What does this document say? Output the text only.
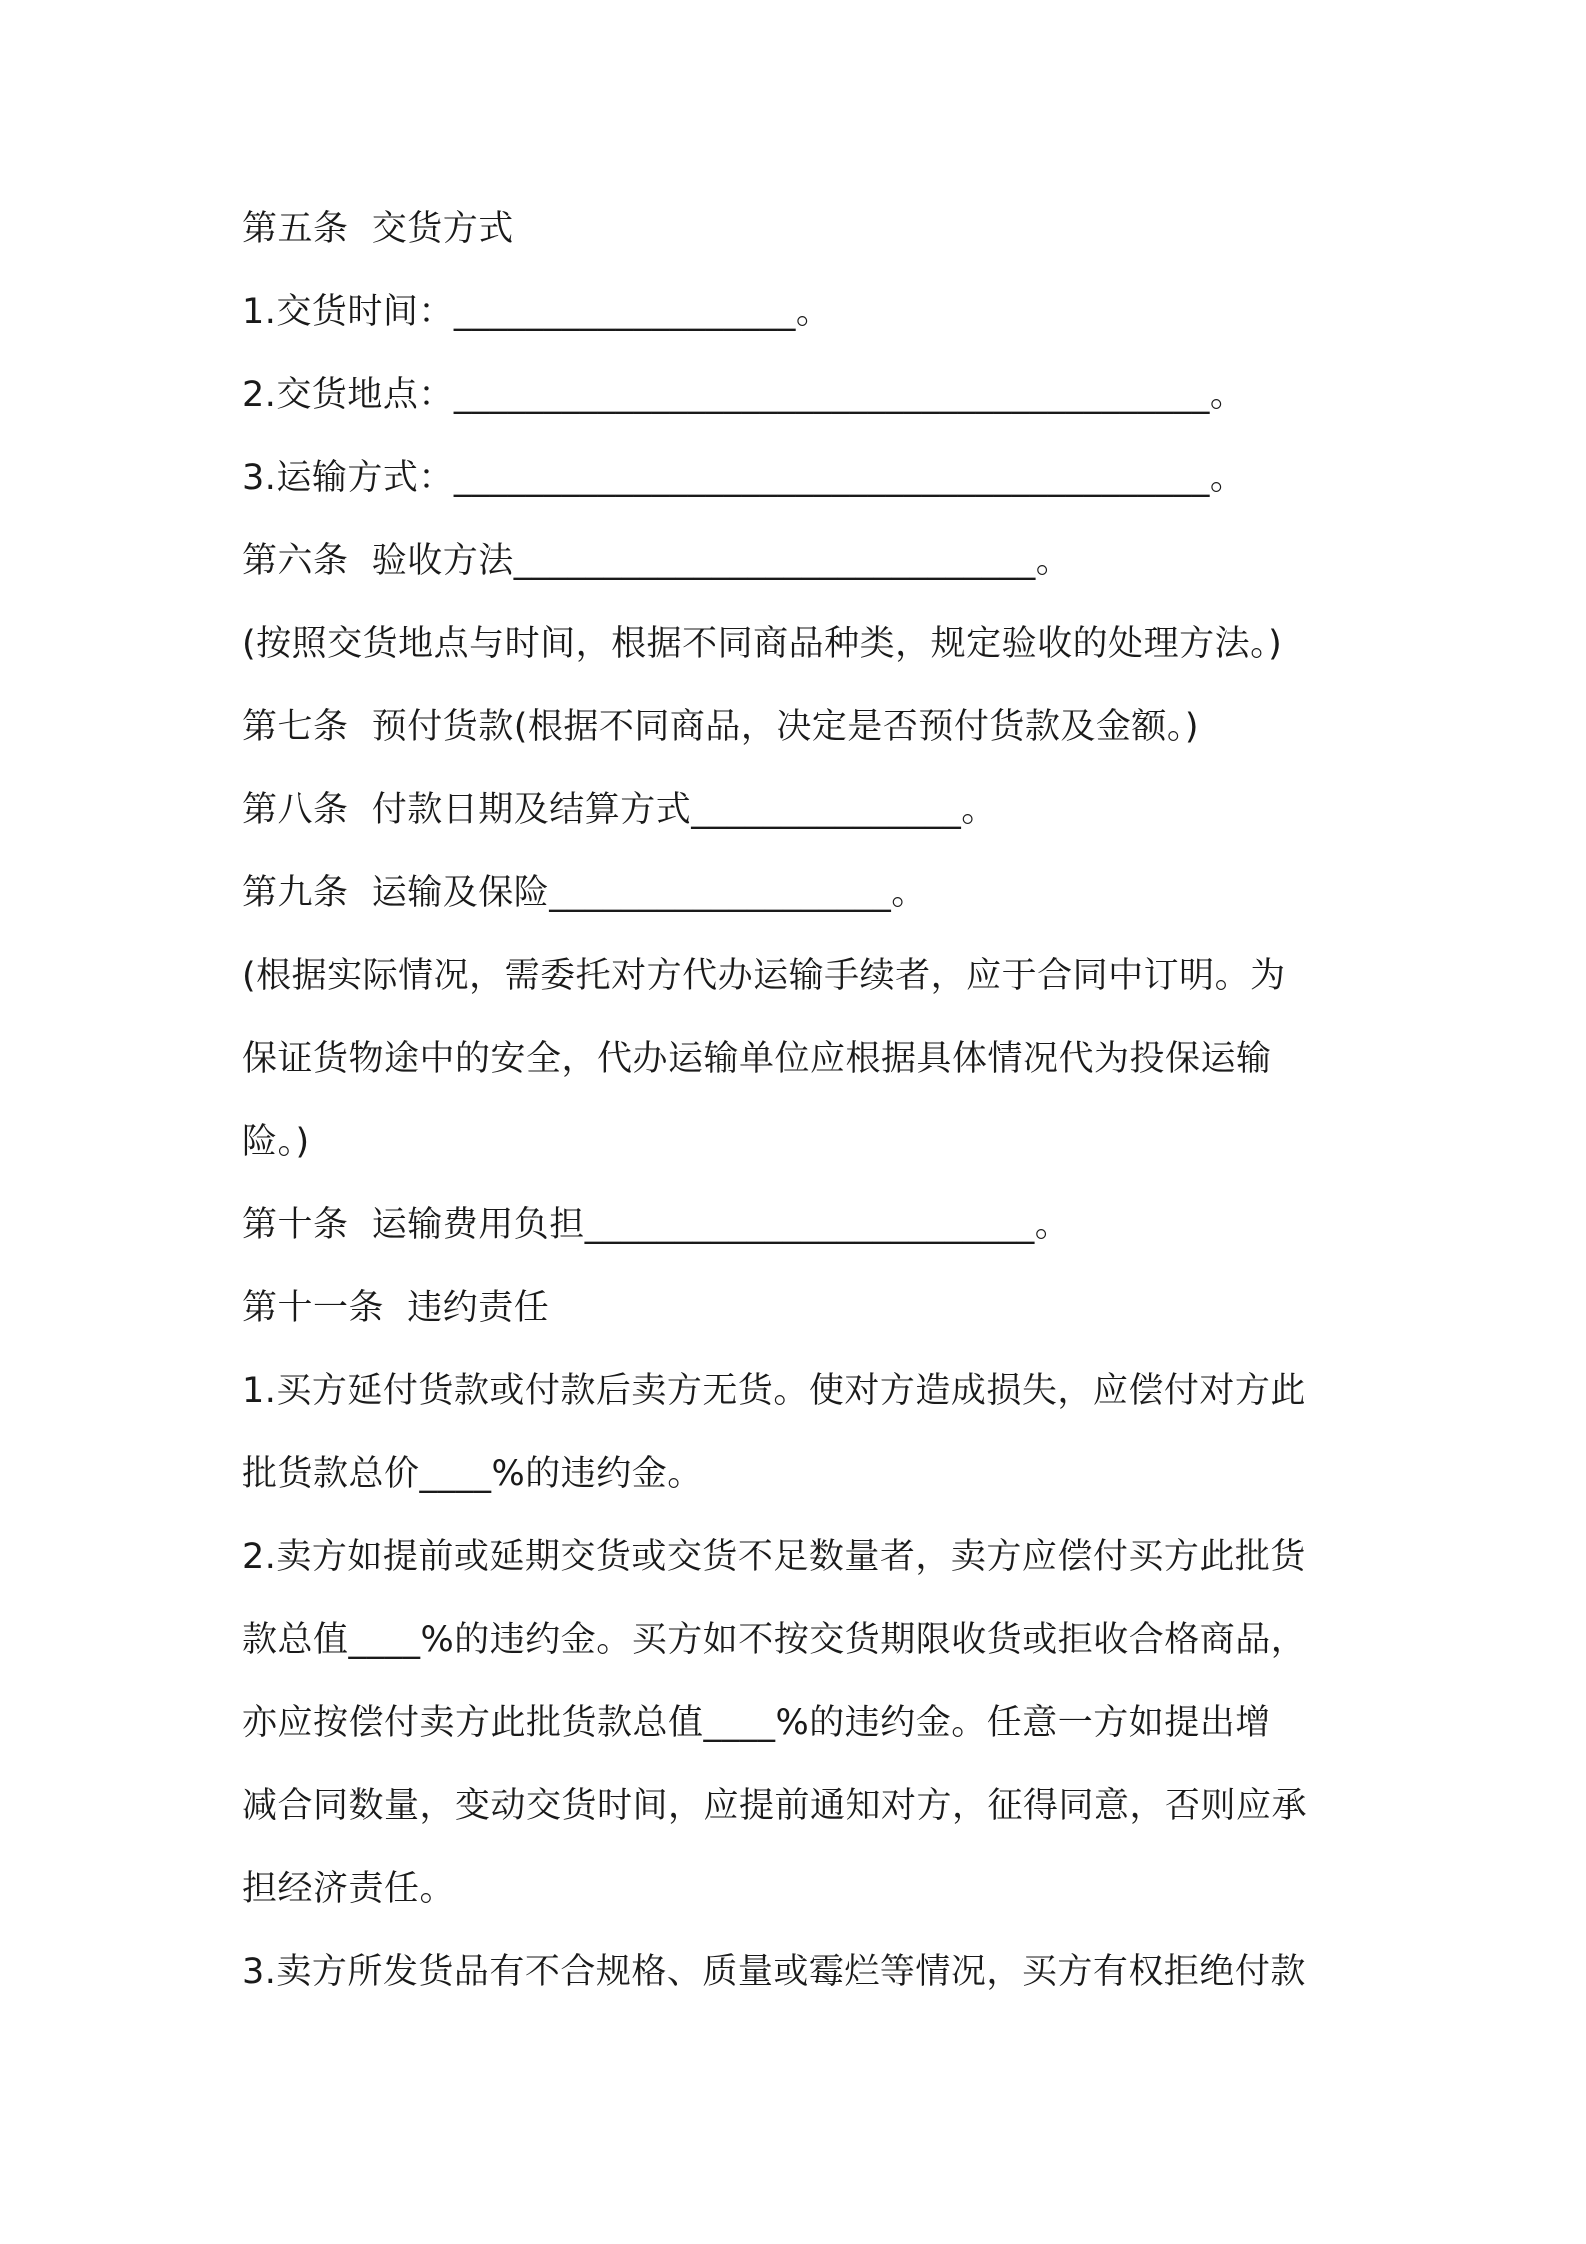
第五条  交货方式
1.交货时间：___________________。
2.交货地点：__________________________________________。
3.运输方式：__________________________________________。
第六条  验收方法_____________________________。
(按照交货地点与时间，根据不同商品种类，规定验收的处理方法。)
第七条  预付货款(根据不同商品，决定是否预付货款及金额。)
第八条  付款日期及结算方式_______________。
第九条  运输及保险___________________。
(根据实际情况，需委托对方代办运输手续者，应于合同中订明。为
保证货物途中的安全，代办运输单位应根据具体情况代为投保运输
险。)
第十条  运输费用负担_________________________。
第十一条  违约责任
1.买方延付货款或付款后卖方无货。使对方造成损失，应偿付对方此
批货款总价____%的违约金。
2.卖方如提前或延期交货或交货不足数量者，卖方应偿付买方此批货
款总值____%的违约金。买方如不按交货期限收货或拒收合格商品，
亦应按偿付卖方此批货款总值____%的违约金。任意一方如提出增
减合同数量，变动交货时间，应提前通知对方，征得同意，否则应承
担经济责任。
3.卖方所发货品有不合规格、质量或霉烂等情况，买方有权拒绝付款
